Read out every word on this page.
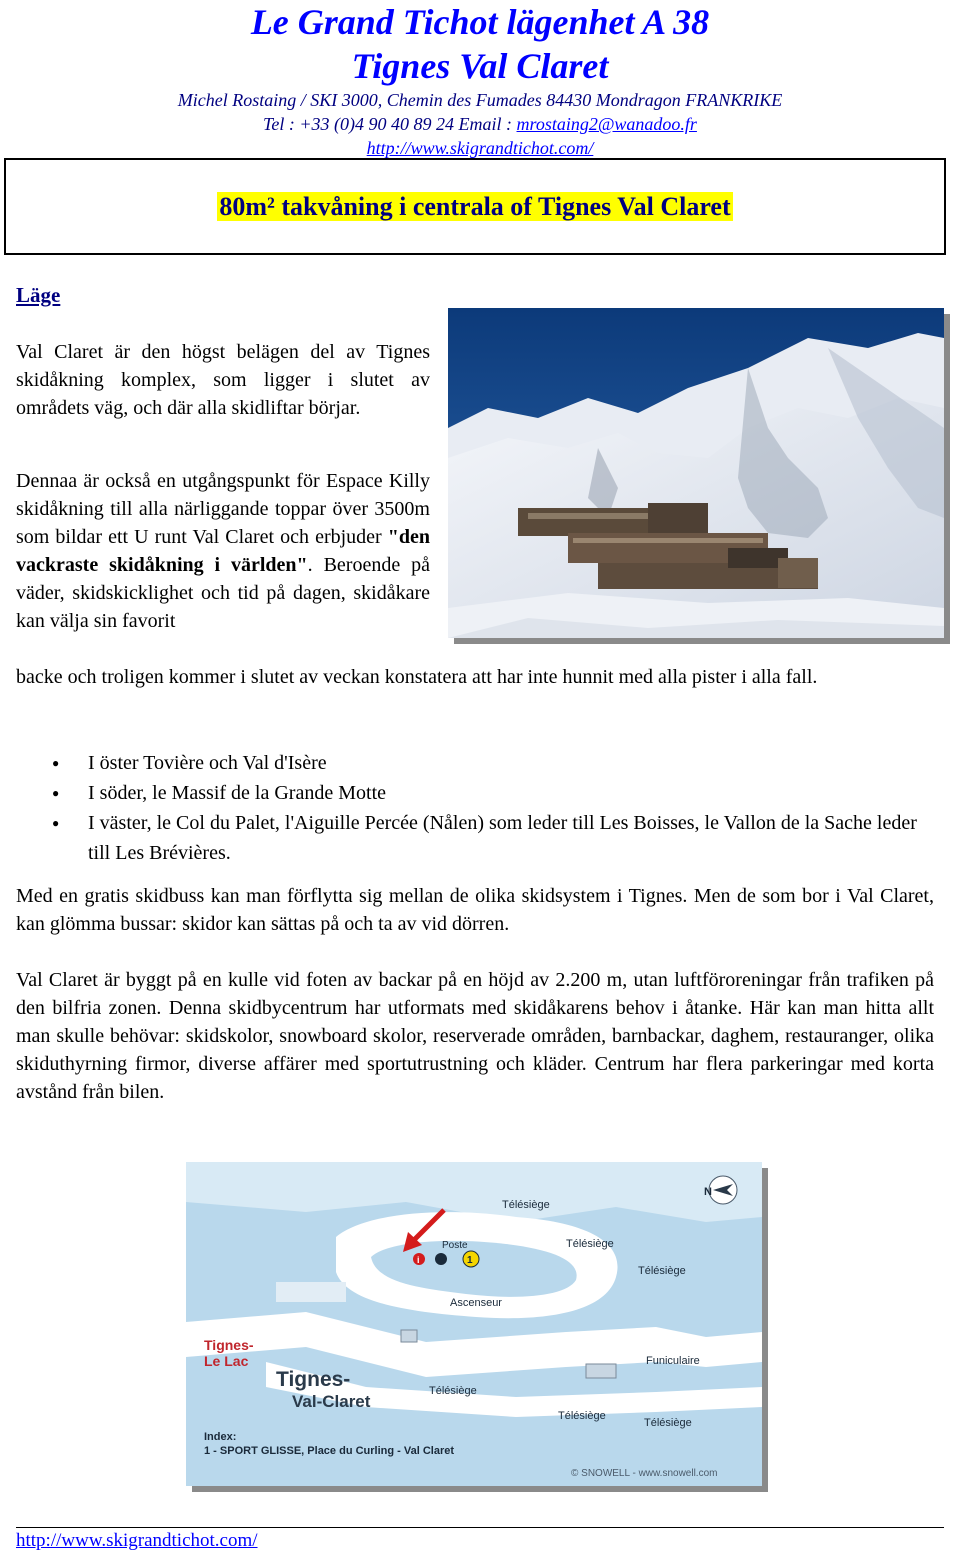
Le Grand Tichot lägenhet A 38
Tignes Val Claret
Michel Rostaing / SKI 3000, Chemin des Fumades 84430 Mondragon FRANKRIKE
Tel : +33 (0)4 90 40 89 24 Email : mrostaing2@wanadoo.fr
http://www.skigrandtichot.com/
80m² takvåning i centrala of Tignes Val Claret
Läge
Val Claret är den högst belägen del av Tignes skidåkning komplex, som ligger i slutet av områdets väg, och där alla skidliftar börjar.
Dennaa är också en utgångspunkt för Espace Killy skidåkning till alla närliggande toppar över 3500m som bildar ett U runt Val Claret och erbjuder "den vackraste skidåkning i världen". Beroende på väder, skidskicklighet och tid på dagen, skidåkare kan välja sin favorit
backe och troligen kommer i slutet av veckan konstatera att har inte hunnit med alla pister i alla fall.
● I öster Tovière och Val d'Isère
● I söder, le Massif de la Grande Motte
● I väster, le Col du Palet, l'Aiguille Percée (Nålen) som leder till Les Boisses, le Vallon de la Sache leder till Les Brévières.
Med en gratis skidbuss kan man förflytta sig mellan de olika skidsystem i Tignes. Men de som bor i Val Claret, kan glömma bussar: skidor kan sättas på och ta av vid dörren.
Val Claret är byggt på en kulle vid foten av backar på en höjd av 2.200 m, utan luftföroreningar från trafiken på den bilfria zonen. Denna skidbycentrum har utformats med skidåkarens behov i åtanke. Här kan man hitta allt man skulle behövar: skidskolor, snowboard skolor, reserverade områden, barnbackar, daghem, restauranger, olika skiduthyrning firmor, diverse affärer med sportutrustning och kläder. Centrum har flera parkeringar med korta avstånd från bilen.
N
Télésiège
Télésiège
Télésiège
Télésiège
Télésiège
Télésiège
Funiculaire
Ascenseur
Poste
i	1
Tignes-
Le Lac
Tignes-
Val-Claret
Index:
1 - SPORT GLISSE, Place du Curling - Val Claret
© SNOWELL - www.snowell.com
http://www.skigrandtichot.com/
